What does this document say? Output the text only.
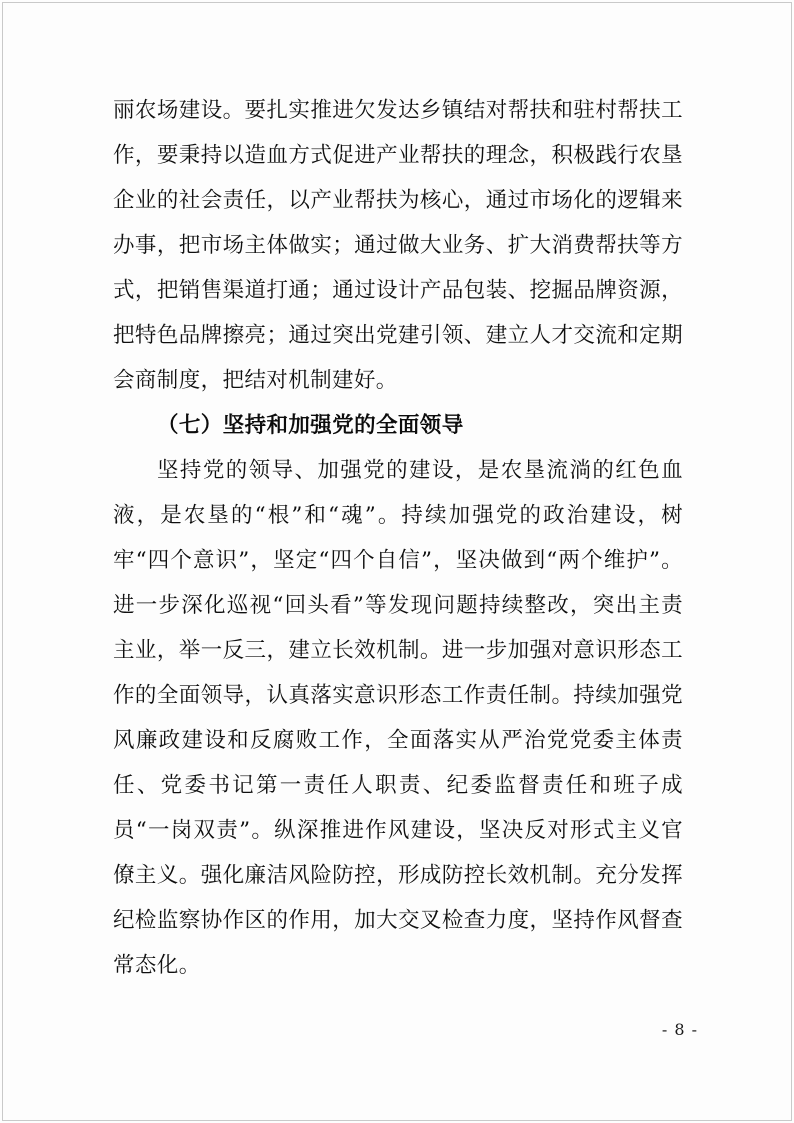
丽农场建设。要扎实推进欠发达乡镇结对帮扶和驻村帮扶工作，要秉持以造血方式促进产业帮扶的理念，积极践行农垦企业的社会责任，以产业帮扶为核心，通过市场化的逻辑来办事，把市场主体做实；通过做大业务、扩大消费帮扶等方式，把销售渠道打通；通过设计产品包装、挖掘品牌资源，把特色品牌擦亮；通过突出党建引领、建立人才交流和定期会商制度，把结对机制建好。

（七）坚持和加强党的全面领导

坚持党的领导、加强党的建设，是农垦流淌的红色血液，是农垦的“根”和“魂”。持续加强党的政治建设，树牢“四个意识”，坚定“四个自信”，坚决做到“两个维护”。进一步深化巡视“回头看”等发现问题持续整改，突出主责主业，举一反三，建立长效机制。进一步加强对意识形态工作的全面领导，认真落实意识形态工作责任制。持续加强党风廉政建设和反腐败工作，全面落实从严治党党委主体责任、党委书记第一责任人职责、纪委监督责任和班子成员“一岗双责”。纵深推进作风建设，坚决反对形式主义官僚主义。强化廉洁风险防控，形成防控长效机制。充分发挥纪检监察协作区的作用，加大交叉检查力度，坚持作风督查常态化。

- 8 -
